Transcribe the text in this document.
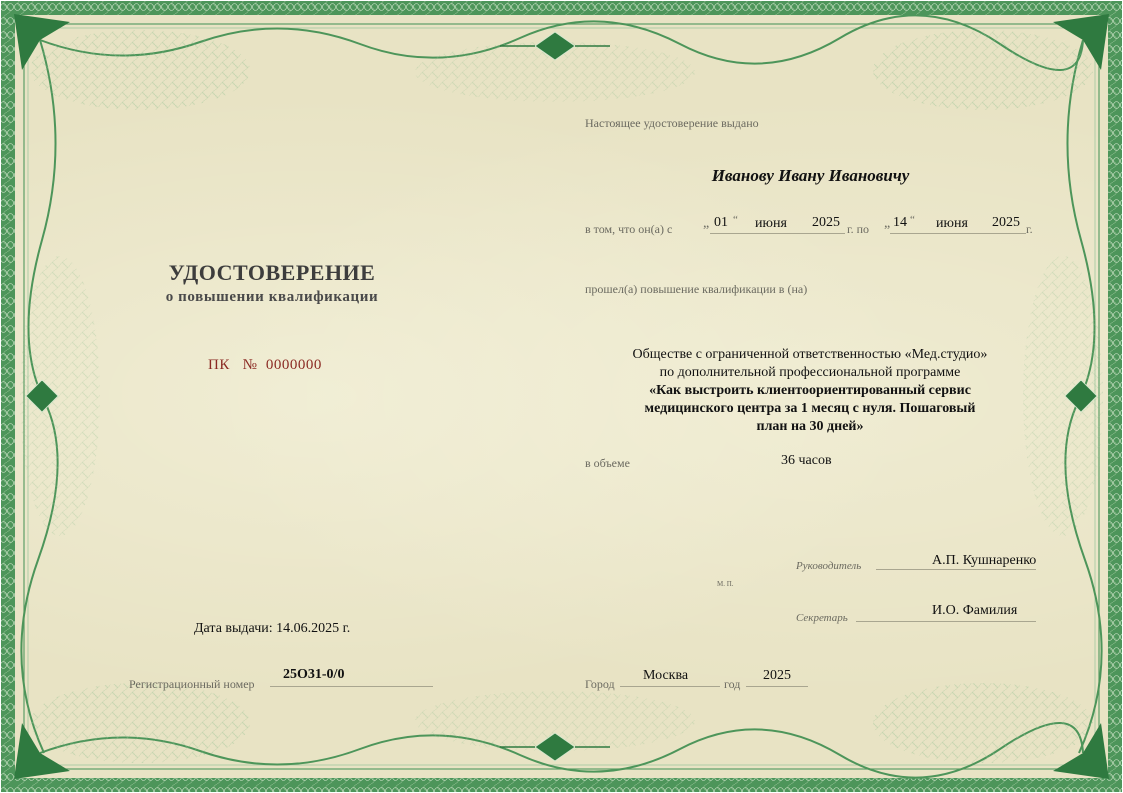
УДОСТОВЕРЕНИЕ
о повышении квалификации
ПК № 0000000
Дата выдачи: 14.06.2025 г.
Регистрационный номер
25О31-0/0
Настоящее удостоверение выдано
Иванову Ивану Ивановичу
в том, что он(а) с „ 01 “ июня 2025 г. по „ 14 “ июня 2025 г.
прошел(а) повышение квалификации в (на)
Обществе с ограниченной ответственностью «Мед.студио»
по дополнительной профессиональной программе
«Как выстроить клиентоориентированный сервис
медицинского центра за 1 месяц с нуля. Пошаговый
план на 30 дней»
в объеме	36 часов
Руководитель	А.П. Кушнаренко
М. П.
Секретарь	И.О. Фамилия
Город
Москва
год
2025
